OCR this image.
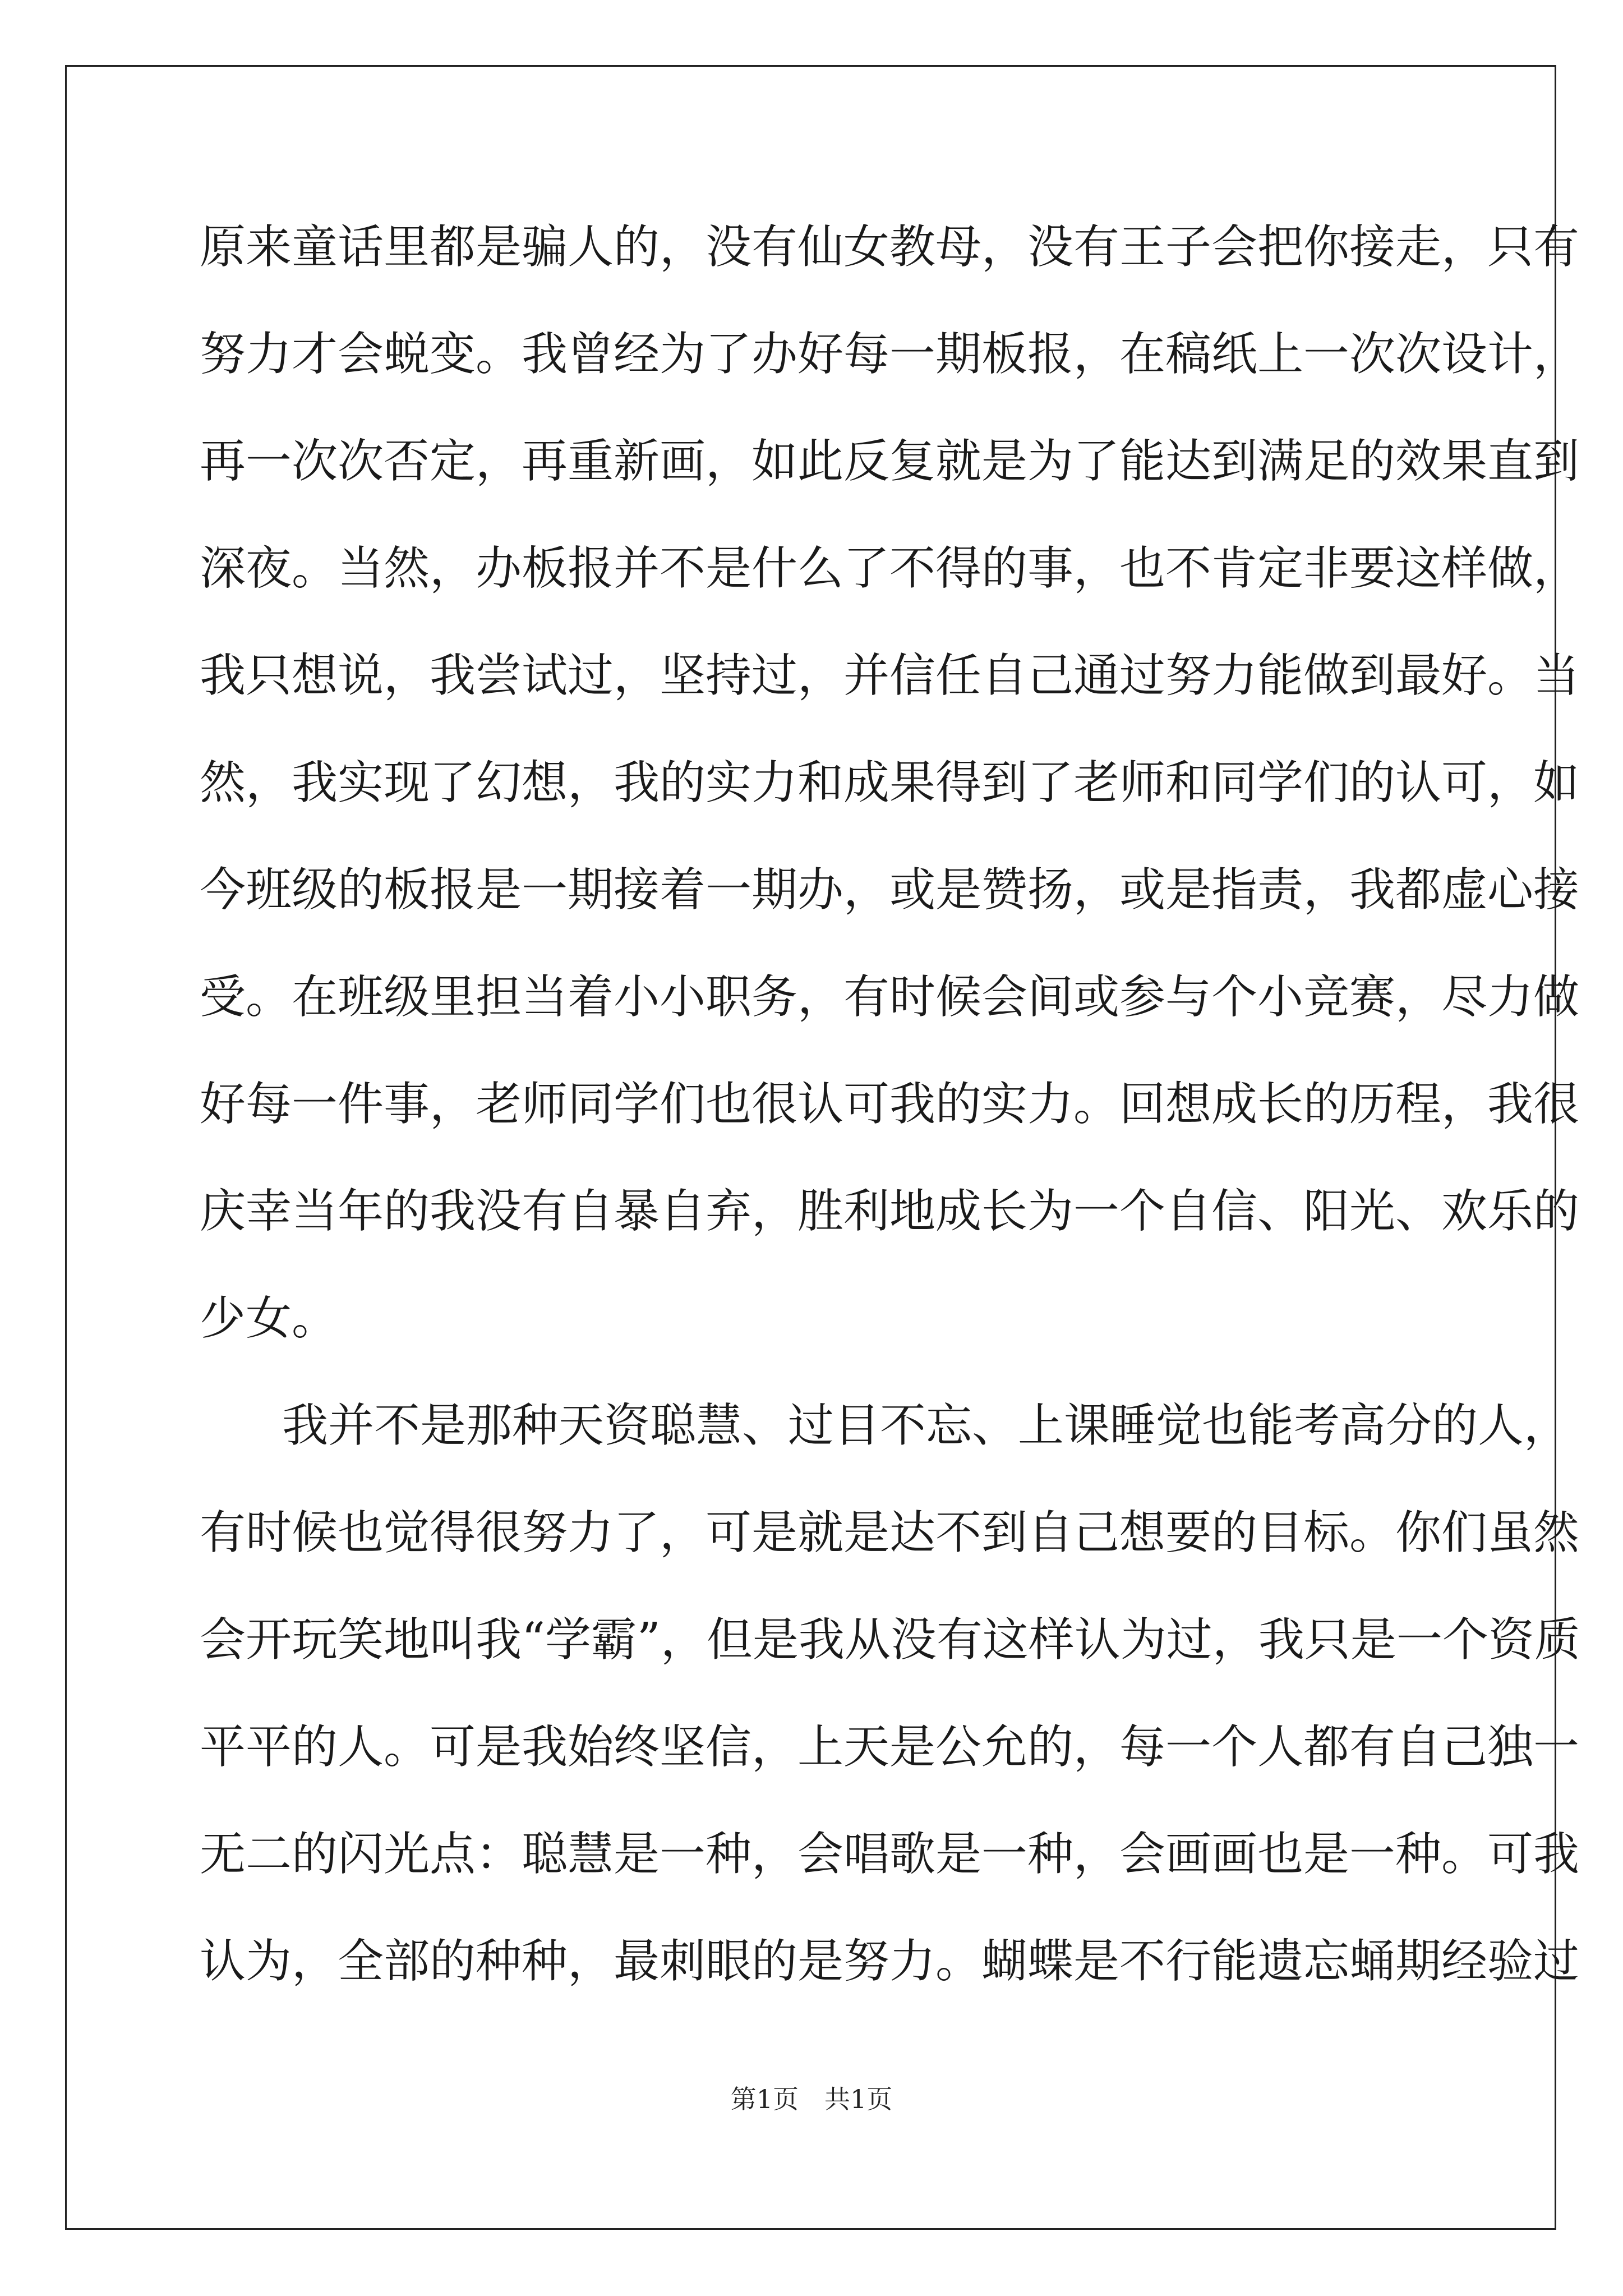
原来童话里都是骗人的，没有仙女教母，没有王子会把你接走，只有
努力才会蜕变。我曾经为了办好每一期板报，在稿纸上一次次设计，
再一次次否定，再重新画，如此反复就是为了能达到满足的效果直到
深夜。当然，办板报并不是什么了不得的事，也不肯定非要这样做，
我只想说，我尝试过，坚持过，并信任自己通过努力能做到最好。当
然，我实现了幻想，我的实力和成果得到了老师和同学们的认可，如
今班级的板报是一期接着一期办，或是赞扬，或是指责，我都虚心接
受。在班级里担当着小小职务，有时候会间或参与个小竞赛，尽力做
好每一件事，老师同学们也很认可我的实力。回想成长的历程，我很
庆幸当年的我没有自暴自弃，胜利地成长为一个自信、阳光、欢乐的
少女。
我并不是那种天资聪慧、过目不忘、上课睡觉也能考高分的人，
有时候也觉得很努力了，可是就是达不到自己想要的目标。你们虽然
会开玩笑地叫我“学霸”，但是我从没有这样认为过，我只是一个资质
平平的人。可是我始终坚信，上天是公允的，每一个人都有自己独一
无二的闪光点：聪慧是一种，会唱歌是一种，会画画也是一种。可我
认为，全部的种种，最刺眼的是努力。蝴蝶是不行能遗忘蛹期经验过
第1页 共1页
